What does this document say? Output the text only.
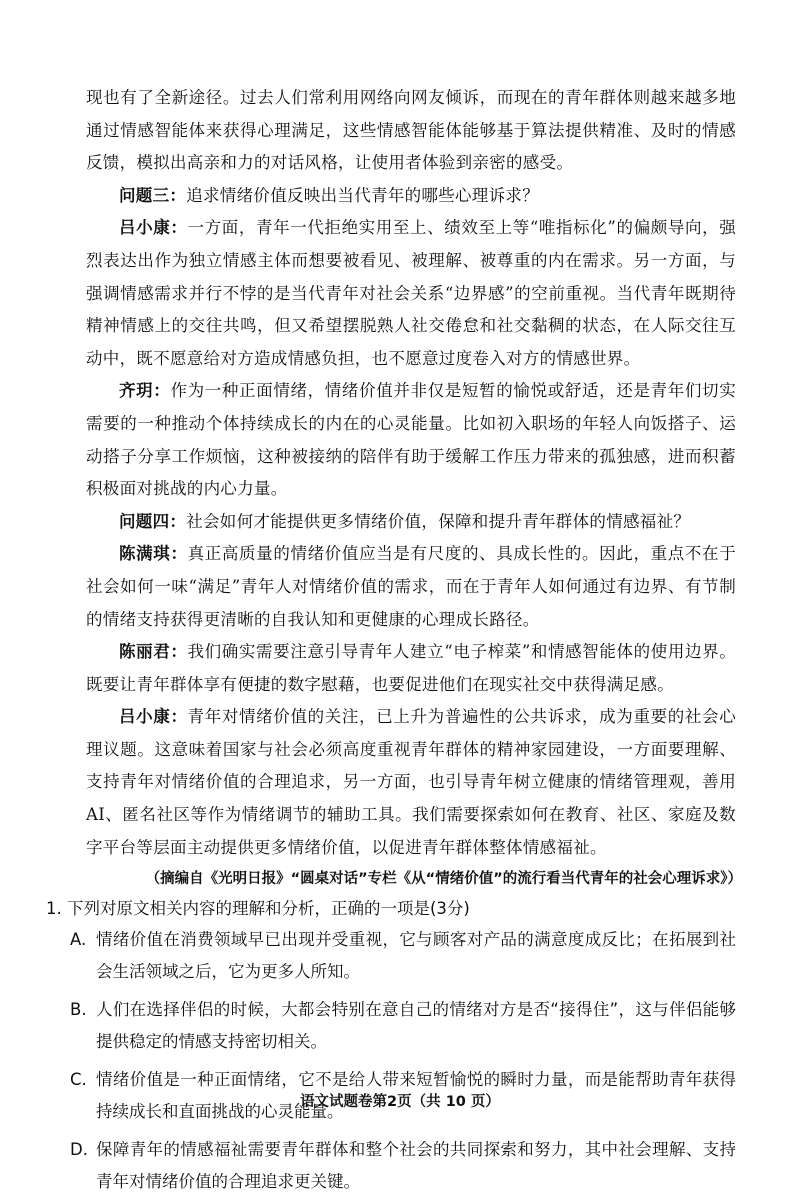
现也有了全新途径。过去人们常利用网络向网友倾诉，而现在的青年群体则越来越多地通过情感智能体来获得心理满足，这些情感智能体能够基于算法提供精准、及时的情感反馈，模拟出高亲和力的对话风格，让使用者体验到亲密的感受。

问题三：追求情绪价值反映出当代青年的哪些心理诉求？

吕小康：一方面，青年一代拒绝实用至上、绩效至上等“唯指标化”的偏颇导向，强烈表达出作为独立情感主体而想要被看见、被理解、被尊重的内在需求。另一方面，与强调情感需求并行不悖的是当代青年对社会关系“边界感”的空前重视。当代青年既期待精神情感上的交往共鸣，但又希望摆脱熟人社交倦怠和社交黏稠的状态，在人际交往互动中，既不愿意给对方造成情感负担，也不愿意过度卷入对方的情感世界。

齐玥：作为一种正面情绪，情绪价值并非仅是短暂的愉悦或舒适，还是青年们切实需要的一种推动个体持续成长的内在的心灵能量。比如初入职场的年轻人向饭搭子、运动搭子分享工作烦恼，这种被接纳的陪伴有助于缓解工作压力带来的孤独感，进而积蓄积极面对挑战的内心力量。

问题四：社会如何才能提供更多情绪价值，保障和提升青年群体的情感福祉？

陈满琪：真正高质量的情绪价值应当是有尺度的、具成长性的。因此，重点不在于社会如何一味“满足”青年人对情绪价值的需求，而在于青年人如何通过有边界、有节制的情绪支持获得更清晰的自我认知和更健康的心理成长路径。

陈丽君：我们确实需要注意引导青年人建立“电子榨菜”和情感智能体的使用边界。既要让青年群体享有便捷的数字慰藉，也要促进他们在现实社交中获得满足感。

吕小康：青年对情绪价值的关注，已上升为普遍性的公共诉求，成为重要的社会心理议题。这意味着国家与社会必须高度重视青年群体的精神家园建设，一方面要理解、支持青年对情绪价值的合理追求，另一方面，也引导青年树立健康的情绪管理观，善用AI、匿名社区等作为情绪调节的辅助工具。我们需要探索如何在教育、社区、家庭及数字平台等层面主动提供更多情绪价值，以促进青年群体整体情感福祉。

（摘编自《光明日报》“圆桌对话”专栏《从“情绪价值”的流行看当代青年的社会心理诉求》）

1. 下列对原文相关内容的理解和分析，正确的一项是(3分)

A. 情绪价值在消费领域早已出现并受重视，它与顾客对产品的满意度成反比；在拓展到社会生活领域之后，它为更多人所知。
B. 人们在选择伴侣的时候，大都会特别在意自己的情绪对方是否“接得住”，这与伴侣能够提供稳定的情感支持密切相关。
C. 情绪价值是一种正面情绪，它不是给人带来短暂愉悦的瞬时力量，而是能帮助青年获得持续成长和直面挑战的心灵能量。
D. 保障青年的情感福祉需要青年群体和整个社会的共同探索和努力，其中社会理解、支持青年对情绪价值的合理追求更关键。
语文试题卷第2页（共 10 页）
